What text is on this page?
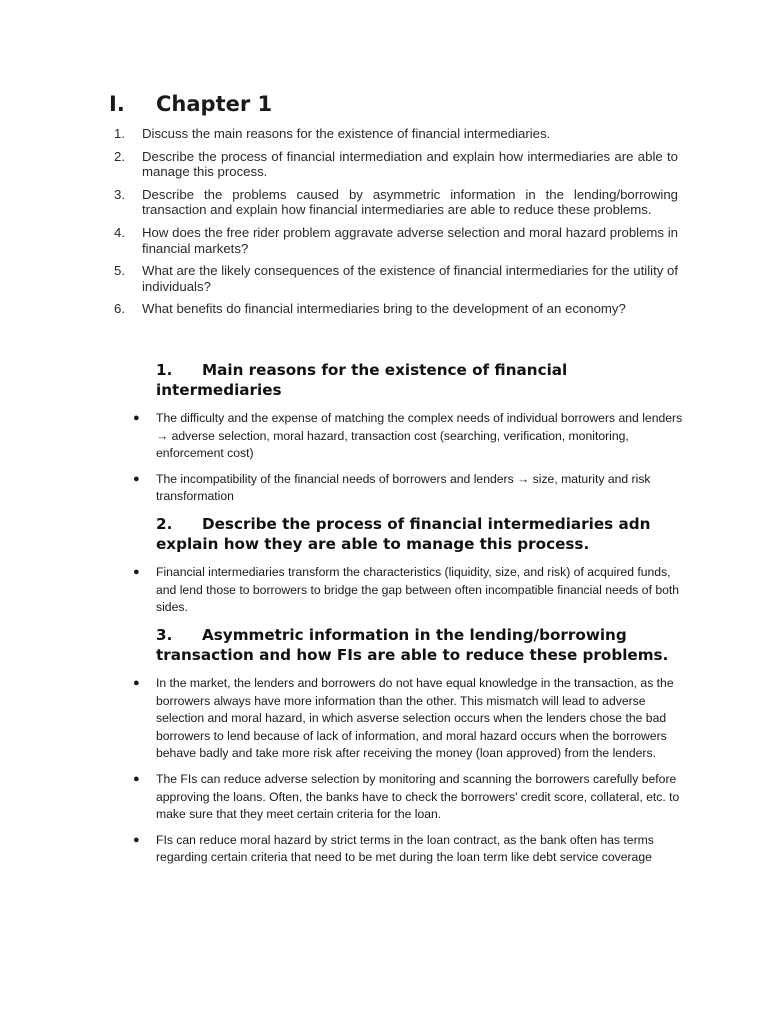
I. Chapter 1
1. Discuss the main reasons for the existence of financial intermediaries.
2. Describe the process of financial intermediation and explain how intermediaries are able to manage this process.
3. Describe the problems caused by asymmetric information in the lending/borrowing transaction and explain how financial intermediaries are able to reduce these problems.
4. How does the free rider problem aggravate adverse selection and moral hazard problems in financial markets?
5. What are the likely consequences of the existence of financial intermediaries for the utility of individuals?
6. What benefits do financial intermediaries bring to the development of an economy?
1. Main reasons for the existence of financial intermediaries
● The difficulty and the expense of matching the complex needs of individual borrowers and lenders → adverse selection, moral hazard, transaction cost (searching, verification, monitoring, enforcement cost)
● The incompatibility of the financial needs of borrowers and lenders → size, maturity and risk transformation
2. Describe the process of financial intermediaries adn explain how they are able to manage this process.
● Financial intermediaries transform the characteristics (liquidity, size, and risk) of acquired funds, and lend those to borrowers to bridge the gap between often incompatible financial needs of both sides.
3. Asymmetric information in the lending/borrowing transaction and how FIs are able to reduce these problems.
● In the market, the lenders and borrowers do not have equal knowledge in the transaction, as the borrowers always have more information than the other. This mismatch will lead to adverse selection and moral hazard, in which asverse selection occurs when the lenders chose the bad borrowers to lend because of lack of information, and moral hazard occurs when the borrowers behave badly and take more risk after receiving the money (loan approved) from the lenders.
● The FIs can reduce adverse selection by monitoring and scanning the borrowers carefully before approving the loans. Often, the banks have to check the borrowers' credit score, collateral, etc. to make sure that they meet certain criteria for the loan.
● FIs can reduce moral hazard by strict terms in the loan contract, as the bank often has terms regarding certain criteria that need to be met during the loan term like debt service coverage
